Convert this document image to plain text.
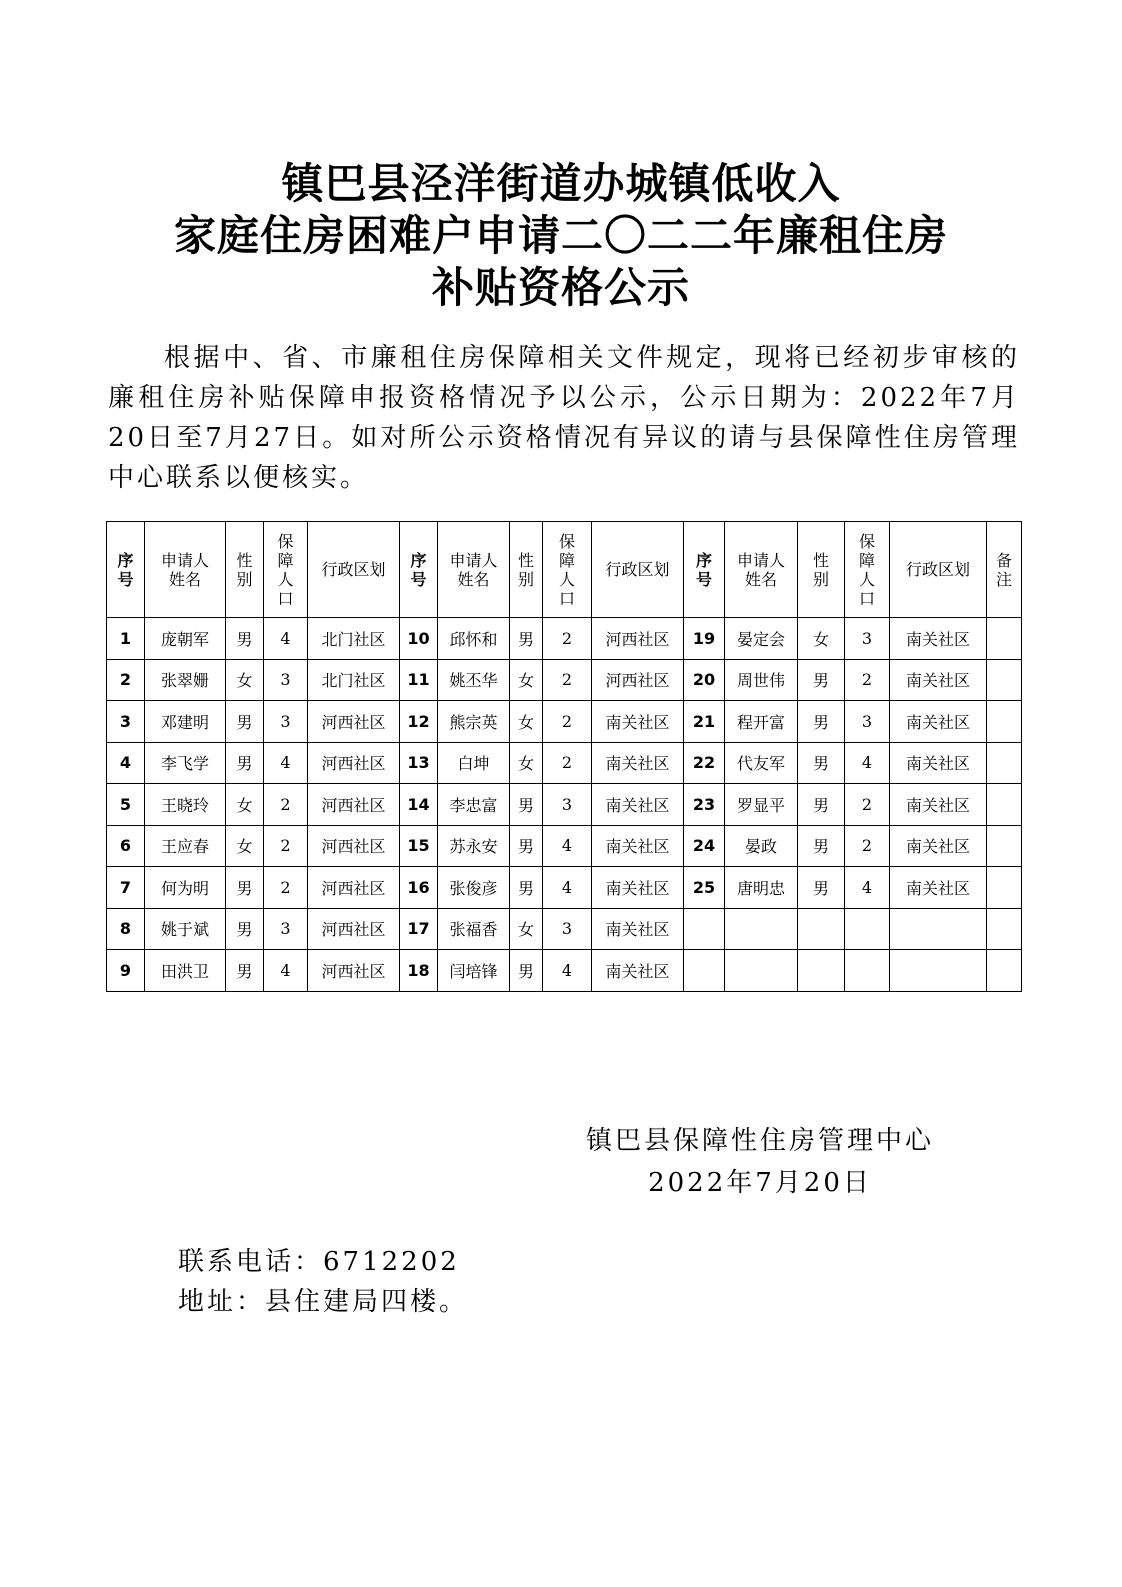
镇巴县泾洋街道办城镇低收入
家庭住房困难户申请二〇二二年廉租住房
补贴资格公示
根据中、省、市廉租住房保障相关文件规定，现将已经初步审核的廉租住房补贴保障申报资格情况予以公示，公示日期为：2022年7月20日至7月27日。如对所公示资格情况有异议的请与县保障性住房管理中心联系以便核实。
序号	申请人姓名	性别	保障人口	行政区划	序号	申请人姓名	性别	保障人口	行政区划	序号	申请人姓名	性别	保障人口	行政区划	备注
1	庞朝军	男	4	北门社区	10	邱怀和	男	2	河西社区	19	晏定会	女	3	南关社区	
2	张翠姗	女	3	北门社区	11	姚丕华	女	2	河西社区	20	周世伟	男	2	南关社区	
3	邓建明	男	3	河西社区	12	熊宗英	女	2	南关社区	21	程开富	男	3	南关社区	
4	李飞学	男	4	河西社区	13	白坤	女	2	南关社区	22	代友军	男	4	南关社区	
5	王晓玲	女	2	河西社区	14	李忠富	男	3	南关社区	23	罗显平	男	2	南关社区	
6	王应春	女	2	河西社区	15	苏永安	男	4	南关社区	24	晏政	男	2	南关社区	
7	何为明	男	2	河西社区	16	张俊彦	男	4	南关社区	25	唐明忠	男	4	南关社区	
8	姚于斌	男	3	河西社区	17	张福香	女	3	南关社区						
9	田洪卫	男	4	河西社区	18	闫培锋	男	4	南关社区						
镇巴县保障性住房管理中心
2022年7月20日
联系电话：6712202
地址：县住建局四楼。
